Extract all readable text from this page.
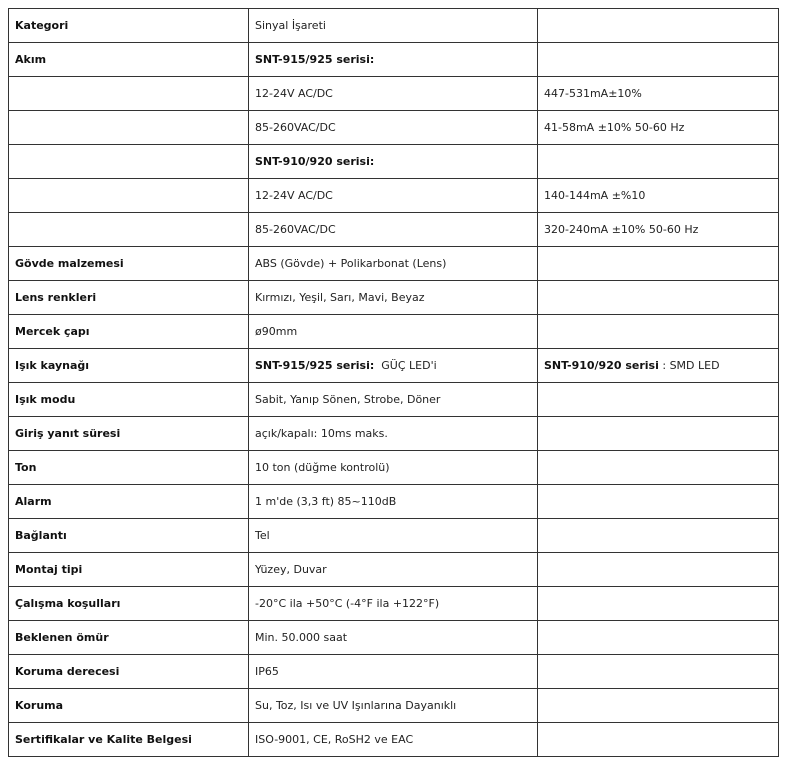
Kategori	Sinyal İşareti	
Akım	SNT-915/925 serisi:	
	12-24V AC/DC	447-531mA±10%
	85-260VAC/DC	41-58mA ±10% 50-60 Hz
	SNT-910/920 serisi:	
	12-24V AC/DC	140-144mA ±%10
	85-260VAC/DC	320-240mA ±10% 50-60 Hz
Gövde malzemesi	ABS (Gövde) + Polikarbonat (Lens)	
Lens renkleri	Kırmızı, Yeşil, Sarı, Mavi, Beyaz	
Mercek çapı	ø90mm	
Işık kaynağı	SNT-915/925 serisi: GÜÇ LED'i	SNT-910/920 serisi : SMD LED
Işık modu	Sabit, Yanıp Sönen, Strobe, Döner	
Giriş yanıt süresi	açık/kapalı: 10ms maks.	
Ton	10 ton (düğme kontrolü)	
Alarm	1 m'de (3,3 ft) 85~110dB	
Bağlantı	Tel	
Montaj tipi	Yüzey, Duvar	
Çalışma koşulları	-20°C ila +50°C (-4°F ila +122°F)	
Beklenen ömür	Min. 50.000 saat	
Koruma derecesi	IP65	
Koruma	Su, Toz, Isı ve UV Işınlarına Dayanıklı	
Sertifikalar ve Kalite Belgesi	ISO-9001, CE, RoSH2 ve EAC	
